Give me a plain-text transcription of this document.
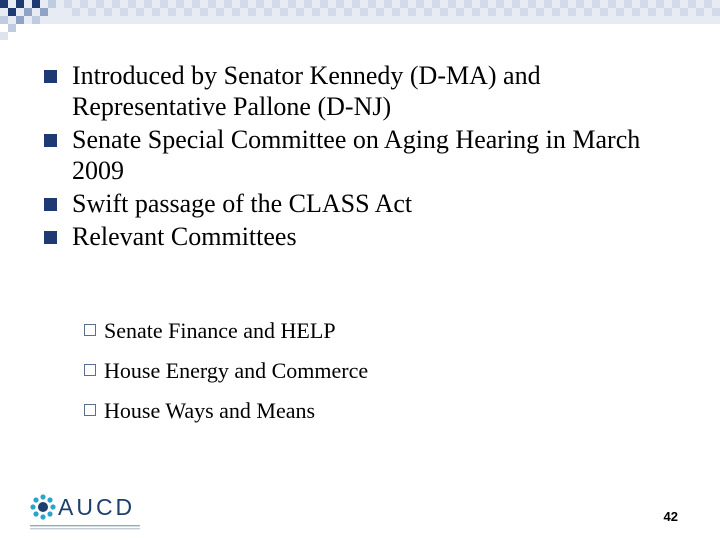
Introduced by Senator Kennedy (D-MA) and Representative Pallone (D-NJ)
Senate Special Committee on Aging Hearing in March 2009
Swift passage of the CLASS Act
Relevant Committees
Senate Finance and HELP
House Energy and Commerce
House Ways and Means
AUCD	42
